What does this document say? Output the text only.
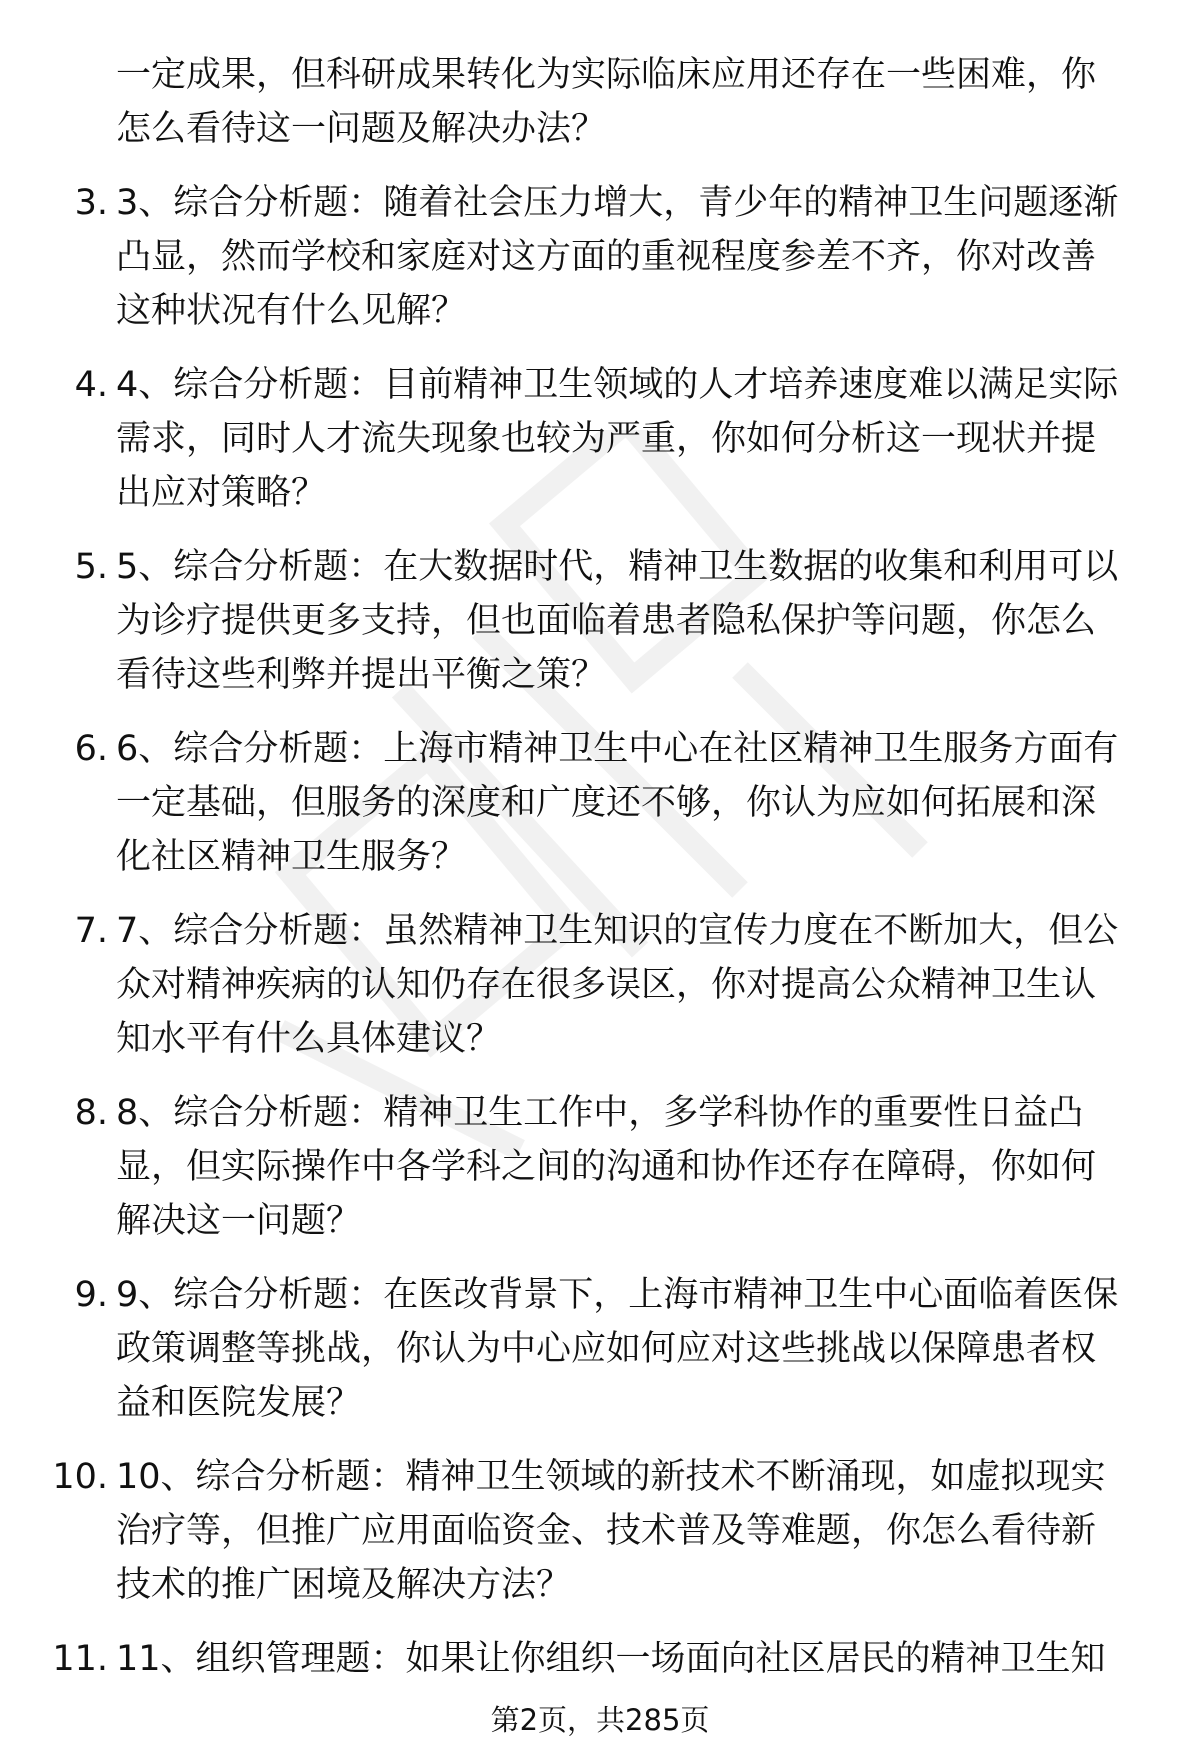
一定成果，但科研成果转化为实际临床应用还存在一些困难，你
怎么看待这一问题及解决办法？
3. 3、综合分析题：随着社会压力增大，青少年的精神卫生问题逐渐
凸显，然而学校和家庭对这方面的重视程度参差不齐，你对改善
这种状况有什么见解？
4. 4、综合分析题：目前精神卫生领域的人才培养速度难以满足实际
需求，同时人才流失现象也较为严重，你如何分析这一现状并提
出应对策略？
5. 5、综合分析题：在大数据时代，精神卫生数据的收集和利用可以
为诊疗提供更多支持，但也面临着患者隐私保护等问题，你怎么
看待这些利弊并提出平衡之策？
6. 6、综合分析题：上海市精神卫生中心在社区精神卫生服务方面有
一定基础，但服务的深度和广度还不够，你认为应如何拓展和深
化社区精神卫生服务？
7. 7、综合分析题：虽然精神卫生知识的宣传力度在不断加大，但公
众对精神疾病的认知仍存在很多误区，你对提高公众精神卫生认
知水平有什么具体建议？
8. 8、综合分析题：精神卫生工作中，多学科协作的重要性日益凸
显，但实际操作中各学科之间的沟通和协作还存在障碍，你如何
解决这一问题？
9. 9、综合分析题：在医改背景下，上海市精神卫生中心面临着医保
政策调整等挑战，你认为中心应如何应对这些挑战以保障患者权
益和医院发展？
10. 10、综合分析题：精神卫生领域的新技术不断涌现，如虚拟现实
治疗等，但推广应用面临资金、技术普及等难题，你怎么看待新
技术的推广困境及解决方法？
11. 11、组织管理题：如果让你组织一场面向社区居民的精神卫生知
第2页，共285页
